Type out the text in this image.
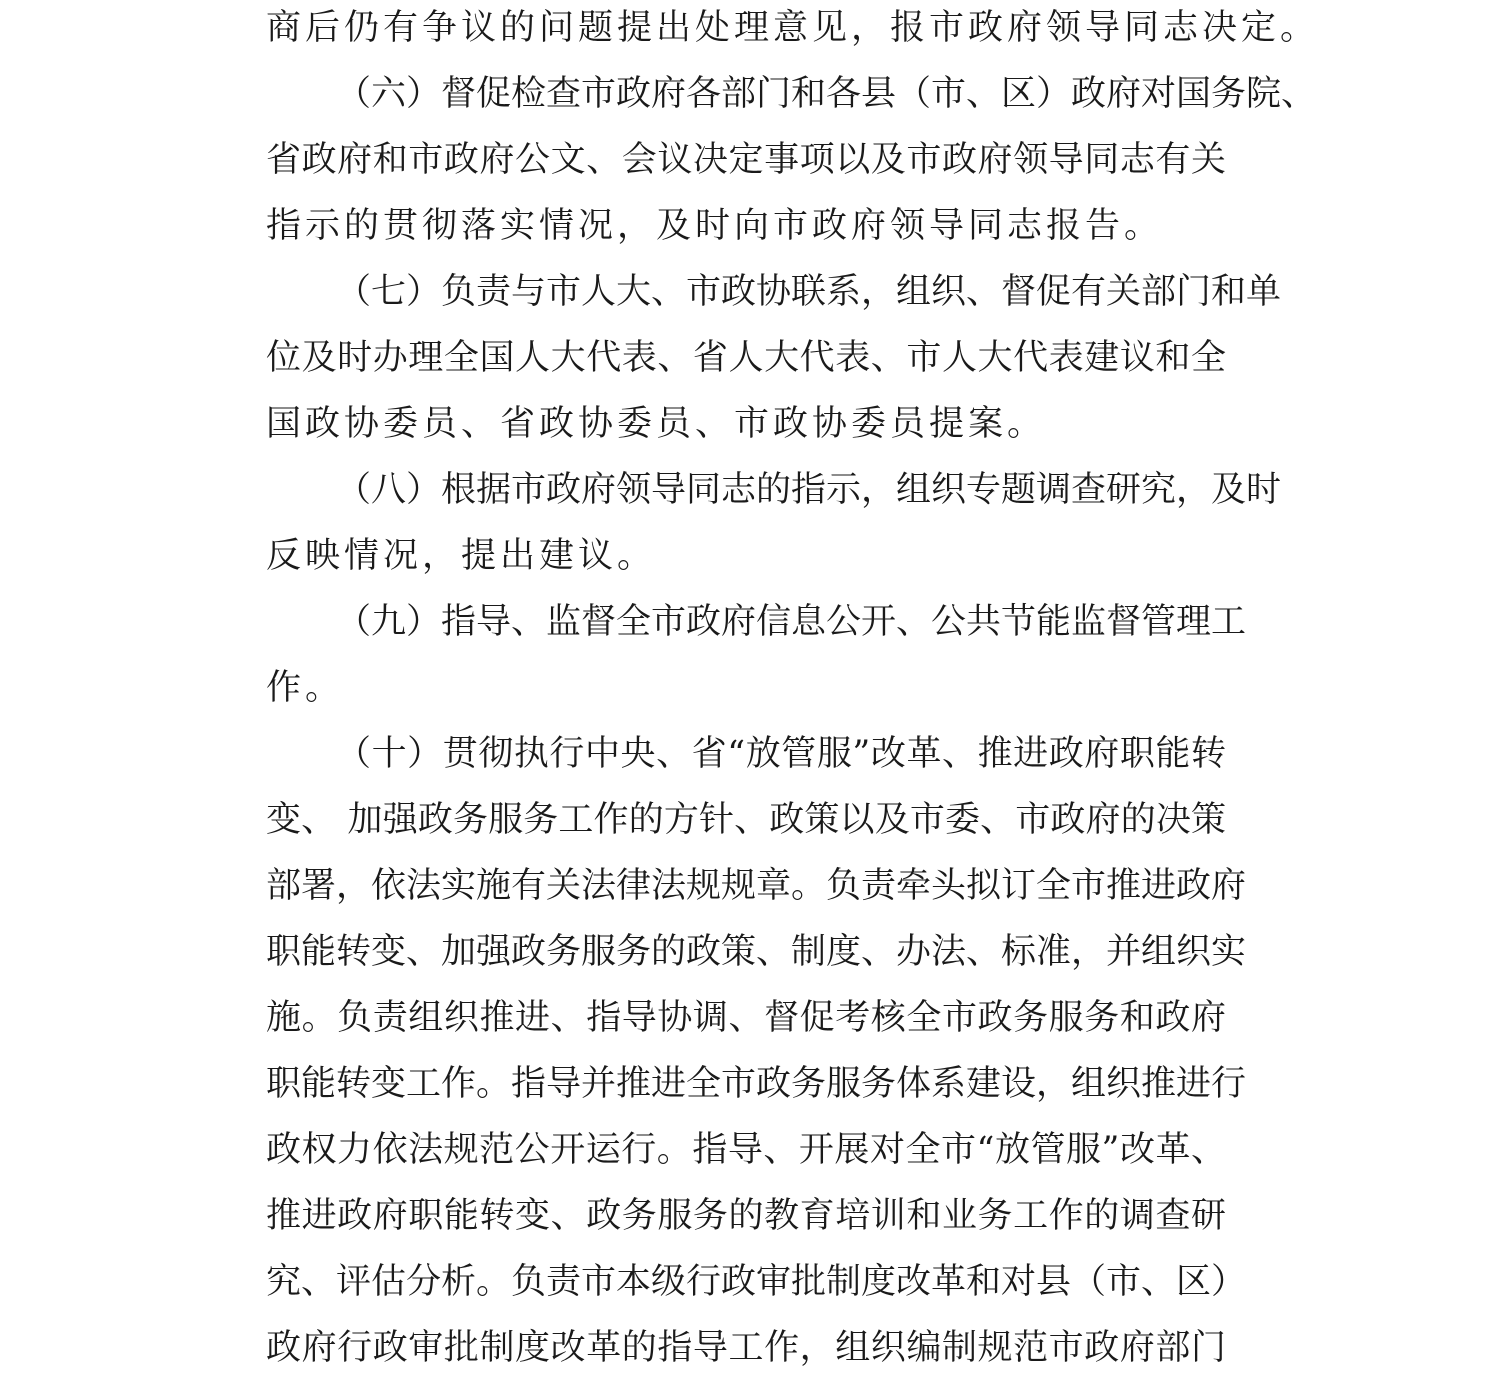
商后仍有争议的问题提出处理意见，报市政府领导同志决定。
（六）督促检查市政府各部门和各县（市、区）政府对国务院、
省政府和市政府公文、会议决定事项以及市政府领导同志有关
指示的贯彻落实情况，及时向市政府领导同志报告。
（七）负责与市人大、市政协联系，组织、督促有关部门和单
位及时办理全国人大代表、省人大代表、市人大代表建议和全
国政协委员、省政协委员、市政协委员提案。
（八）根据市政府领导同志的指示，组织专题调查研究，及时
反映情况，提出建议。
（九）指导、监督全市政府信息公开、公共节能监督管理工
作。
（十）贯彻执行中央、省“放管服”改革、推进政府职能转
变、 加强政务服务工作的方针、政策以及市委、市政府的决策
部署，依法实施有关法律法规规章。负责牵头拟订全市推进政府
职能转变、加强政务服务的政策、制度、办法、标准，并组织实
施。负责组织推进、指导协调、督促考核全市政务服务和政府
职能转变工作。指导并推进全市政务服务体系建设，组织推进行
政权力依法规范公开运行。指导、开展对全市“放管服”改革、
推进政府职能转变、政务服务的教育培训和业务工作的调查研
究、评估分析。负责市本级行政审批制度改革和对县（市、区）
政府行政审批制度改革的指导工作，组织编制规范市政府部门
